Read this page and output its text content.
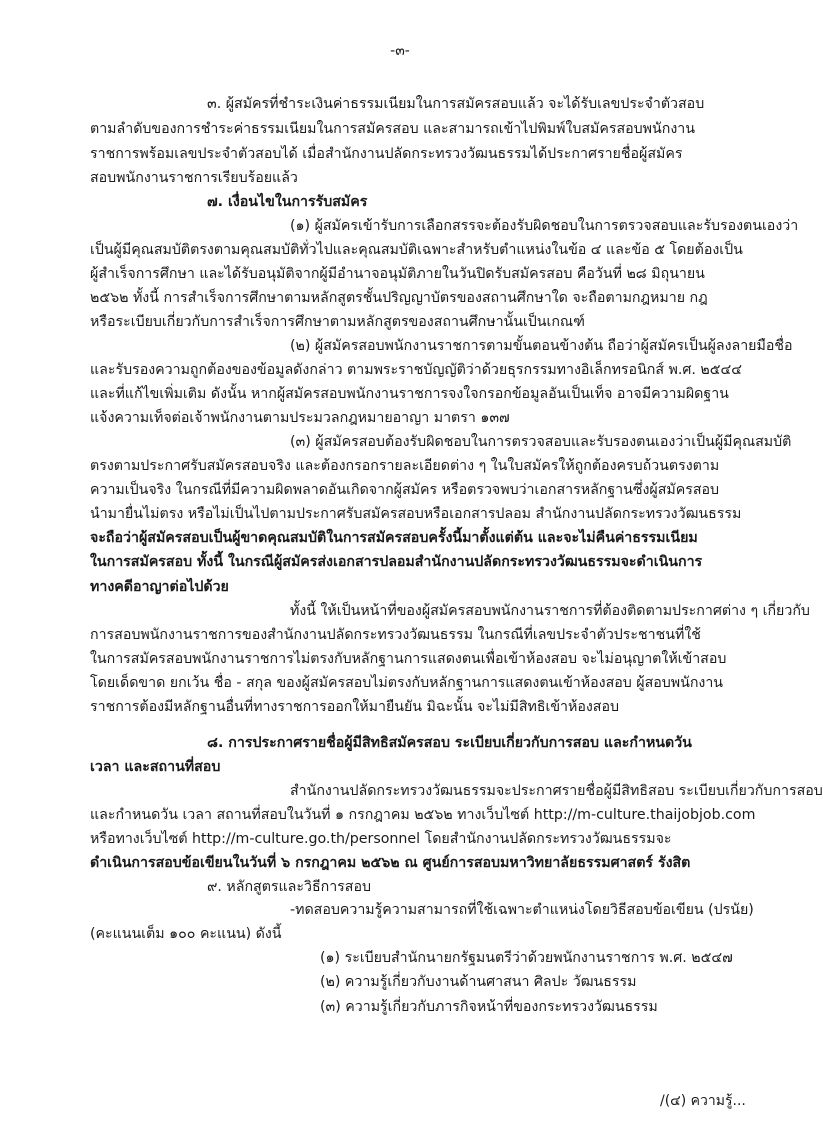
-๓-
๓. ผู้สมัครที่ชำระเงินค่าธรรมเนียมในการสมัครสอบแล้ว จะได้รับเลขประจำตัวสอบ
ตามลำดับของการชำระค่าธรรมเนียมในการสมัครสอบ และสามารถเข้าไปพิมพ์ใบสมัครสอบพนักงาน
ราชการพร้อมเลขประจำตัวสอบได้ เมื่อสำนักงานปลัดกระทรวงวัฒนธรรมได้ประกาศรายชื่อผู้สมัคร
สอบพนักงานราชการเรียบร้อยแล้ว
๗. เงื่อนไขในการรับสมัคร
(๑) ผู้สมัครเข้ารับการเลือกสรรจะต้องรับผิดชอบในการตรวจสอบและรับรองตนเองว่า
เป็นผู้มีคุณสมบัติตรงตามคุณสมบัติทั่วไปและคุณสมบัติเฉพาะสำหรับตำแหน่งในข้อ ๔ และข้อ ๕ โดยต้องเป็น
ผู้สำเร็จการศึกษา และได้รับอนุมัติจากผู้มีอำนาจอนุมัติภายในวันปิดรับสมัครสอบ คือวันที่ ๒๘ มิถุนายน
๒๕๖๒ ทั้งนี้ การสำเร็จการศึกษาตามหลักสูตรชั้นปริญญาบัตรของสถานศึกษาใด จะถือตามกฎหมาย กฎ
หรือระเบียบเกี่ยวกับการสำเร็จการศึกษาตามหลักสูตรของสถานศึกษานั้นเป็นเกณฑ์
(๒) ผู้สมัครสอบพนักงานราชการตามขั้นตอนข้างต้น ถือว่าผู้สมัครเป็นผู้ลงลายมือชื่อ
และรับรองความถูกต้องของข้อมูลดังกล่าว ตามพระราชบัญญัติว่าด้วยธุรกรรมทางอิเล็กทรอนิกส์ พ.ศ. ๒๕๔๔
และที่แก้ไขเพิ่มเติม ดังนั้น หากผู้สมัครสอบพนักงานราชการจงใจกรอกข้อมูลอันเป็นเท็จ อาจมีความผิดฐาน
แจ้งความเท็จต่อเจ้าพนักงานตามประมวลกฎหมายอาญา มาตรา ๑๓๗
(๓) ผู้สมัครสอบต้องรับผิดชอบในการตรวจสอบและรับรองตนเองว่าเป็นผู้มีคุณสมบัติ
ตรงตามประกาศรับสมัครสอบจริง และต้องกรอกรายละเอียดต่าง ๆ ในใบสมัครให้ถูกต้องครบถ้วนตรงตาม
ความเป็นจริง ในกรณีที่มีความผิดพลาดอันเกิดจากผู้สมัคร หรือตรวจพบว่าเอกสารหลักฐานซึ่งผู้สมัครสอบ
นำมายื่นไม่ตรง หรือไม่เป็นไปตามประกาศรับสมัครสอบหรือเอกสารปลอม สำนักงานปลัดกระทรวงวัฒนธรรม
จะถือว่าผู้สมัครสอบเป็นผู้ขาดคุณสมบัติในการสมัครสอบครั้งนี้มาตั้งแต่ต้น และจะไม่คืนค่าธรรมเนียม
ในการสมัครสอบ ทั้งนี้ ในกรณีผู้สมัครส่งเอกสารปลอมสำนักงานปลัดกระทรวงวัฒนธรรมจะดำเนินการ
ทางคดีอาญาต่อไปด้วย
ทั้งนี้ ให้เป็นหน้าที่ของผู้สมัครสอบพนักงานราชการที่ต้องติดตามประกาศต่าง ๆ เกี่ยวกับ
การสอบพนักงานราชการของสำนักงานปลัดกระทรวงวัฒนธรรม ในกรณีที่เลขประจำตัวประชาชนที่ใช้
ในการสมัครสอบพนักงานราชการไม่ตรงกับหลักฐานการแสดงตนเพื่อเข้าห้องสอบ จะไม่อนุญาตให้เข้าสอบ
โดยเด็ดขาด ยกเว้น ชื่อ - สกุล ของผู้สมัครสอบไม่ตรงกับหลักฐานการแสดงตนเข้าห้องสอบ ผู้สอบพนักงาน
ราชการต้องมีหลักฐานอื่นที่ทางราชการออกให้มายืนยัน มิฉะนั้น จะไม่มีสิทธิเข้าห้องสอบ
๘. การประกาศรายชื่อผู้มีสิทธิสมัครสอบ ระเบียบเกี่ยวกับการสอบ และกำหนดวัน
เวลา และสถานที่สอบ
สำนักงานปลัดกระทรวงวัฒนธรรมจะประกาศรายชื่อผู้มีสิทธิสอบ ระเบียบเกี่ยวกับการสอบ
และกำหนดวัน เวลา สถานที่สอบในวันที่ ๑ กรกฎาคม ๒๕๖๒ ทางเว็บไซต์ http://m-culture.thaijobjob.com
หรือทางเว็บไซต์ http://m-culture.go.th/personnel โดยสำนักงานปลัดกระทรวงวัฒนธรรมจะ
ดำเนินการสอบข้อเขียนในวันที่ ๖ กรกฎาคม ๒๕๖๒ ณ ศูนย์การสอบมหาวิทยาลัยธรรมศาสตร์ รังสิต
๙. หลักสูตรและวิธีการสอบ
-ทดสอบความรู้ความสามารถที่ใช้เฉพาะตำแหน่งโดยวิธีสอบข้อเขียน (ปรนัย)
(คะแนนเต็ม ๑๐๐ คะแนน) ดังนี้
(๑) ระเบียบสำนักนายกรัฐมนตรีว่าด้วยพนักงานราชการ พ.ศ. ๒๕๔๗
(๒) ความรู้เกี่ยวกับงานด้านศาสนา ศิลปะ วัฒนธรรม
(๓) ความรู้เกี่ยวกับภารกิจหน้าที่ของกระทรวงวัฒนธรรม
/(๔) ความรู้...
